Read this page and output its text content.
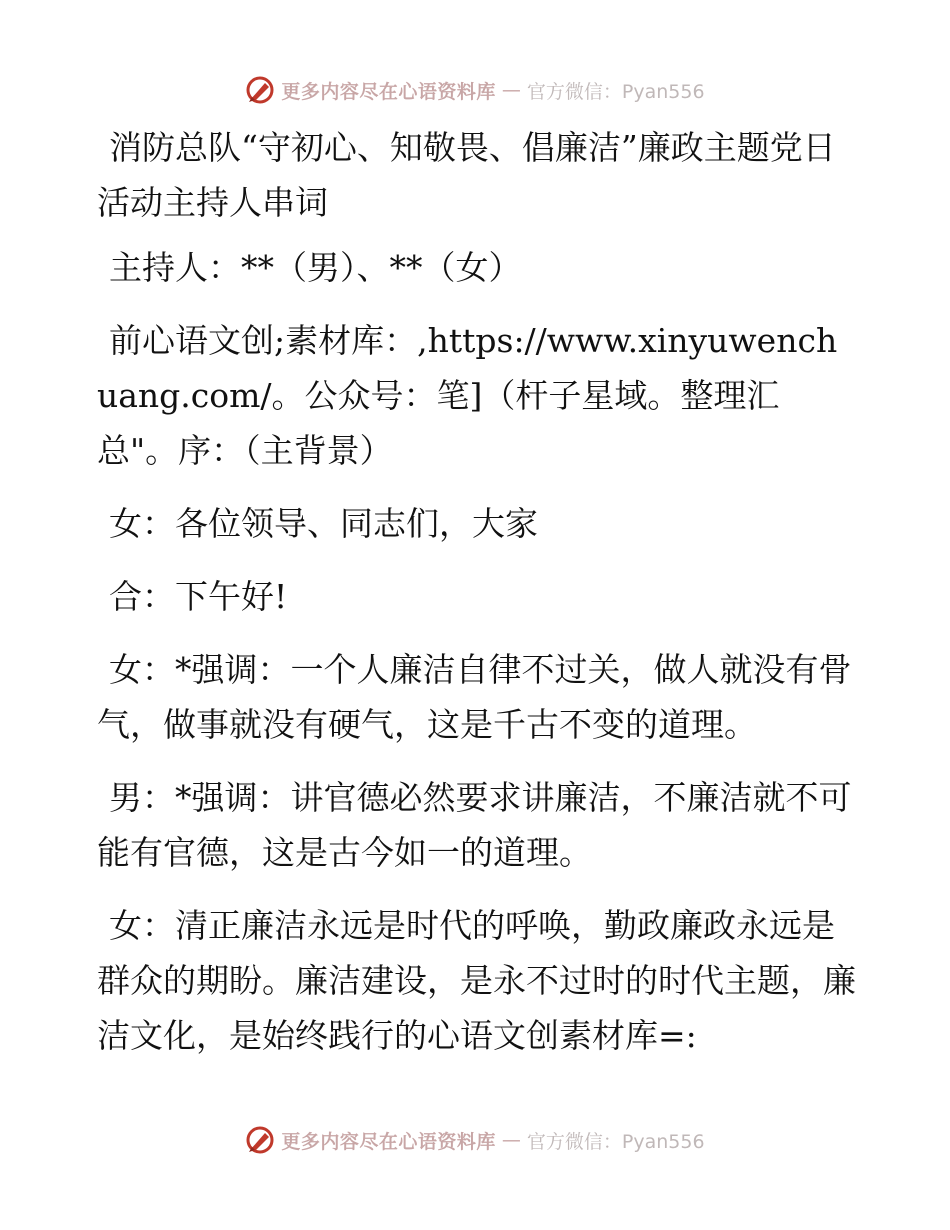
更多内容尽在心语资料库 — 官方微信：Pyan556

消防总队“守初心、知敬畏、倡廉洁”廉政主题党日活动主持人串词

主持人：**（男）、**（女）

前心语文创;素材库：,https://www.xinyuwenchuang.com/。公众号：笔]（杆子星域。整理汇总"。序：（主背景）

女：各位领导、同志们，大家

合：下午好!

女：*强调：一个人廉洁自律不过关，做人就没有骨气，做事就没有硬气，这是千古不变的道理。

男：*强调：讲官德必然要求讲廉洁，不廉洁就不可能有官德，这是古今如一的道理。

女：清正廉洁永远是时代的呼唤，勤政廉政永远是群众的期盼。廉洁建设，是永不过时的时代主题，廉洁文化，是始终践行的心语文创素材库=:

更多内容尽在心语资料库 — 官方微信：Pyan556
